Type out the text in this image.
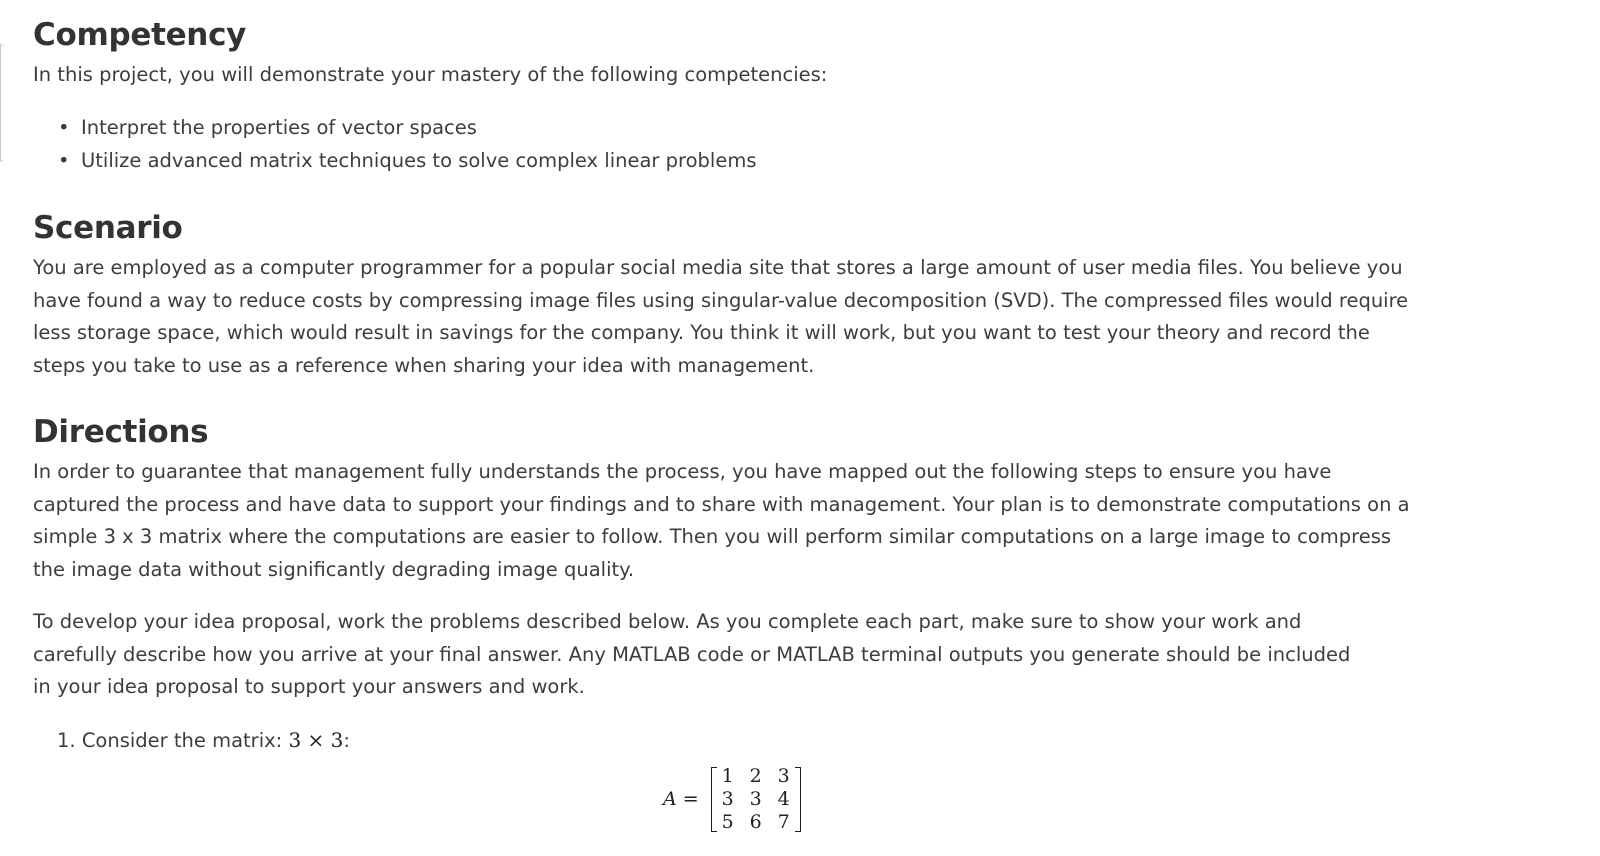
Competency

In this project, you will demonstrate your mastery of the following competencies:

• Interpret the properties of vector spaces
• Utilize advanced matrix techniques to solve complex linear problems
Scenario

You are employed as a computer programmer for a popular social media site that stores a large amount of user media files. You believe you have found a way to reduce costs by compressing image files using singular-value decomposition (SVD). The compressed files would require less storage space, which would result in savings for the company. You think it will work, but you want to test your theory and record the steps you take to use as a reference when sharing your idea with management.

Directions

In order to guarantee that management fully understands the process, you have mapped out the following steps to ensure you have captured the process and have data to support your findings and to share with management. Your plan is to demonstrate computations on a simple 3 x 3 matrix where the computations are easier to follow. Then you will perform similar computations on a large image to compress the image data without significantly degrading image quality.

To develop your idea proposal, work the problems described below. As you complete each part, make sure to show your work and carefully describe how you arrive at your final answer. Any MATLAB code or MATLAB terminal outputs you generate should be included in your idea proposal to support your answers and work.

1. Consider the matrix: 3 × 3:
A =
1 2 3
3 3 4
5 6 7
